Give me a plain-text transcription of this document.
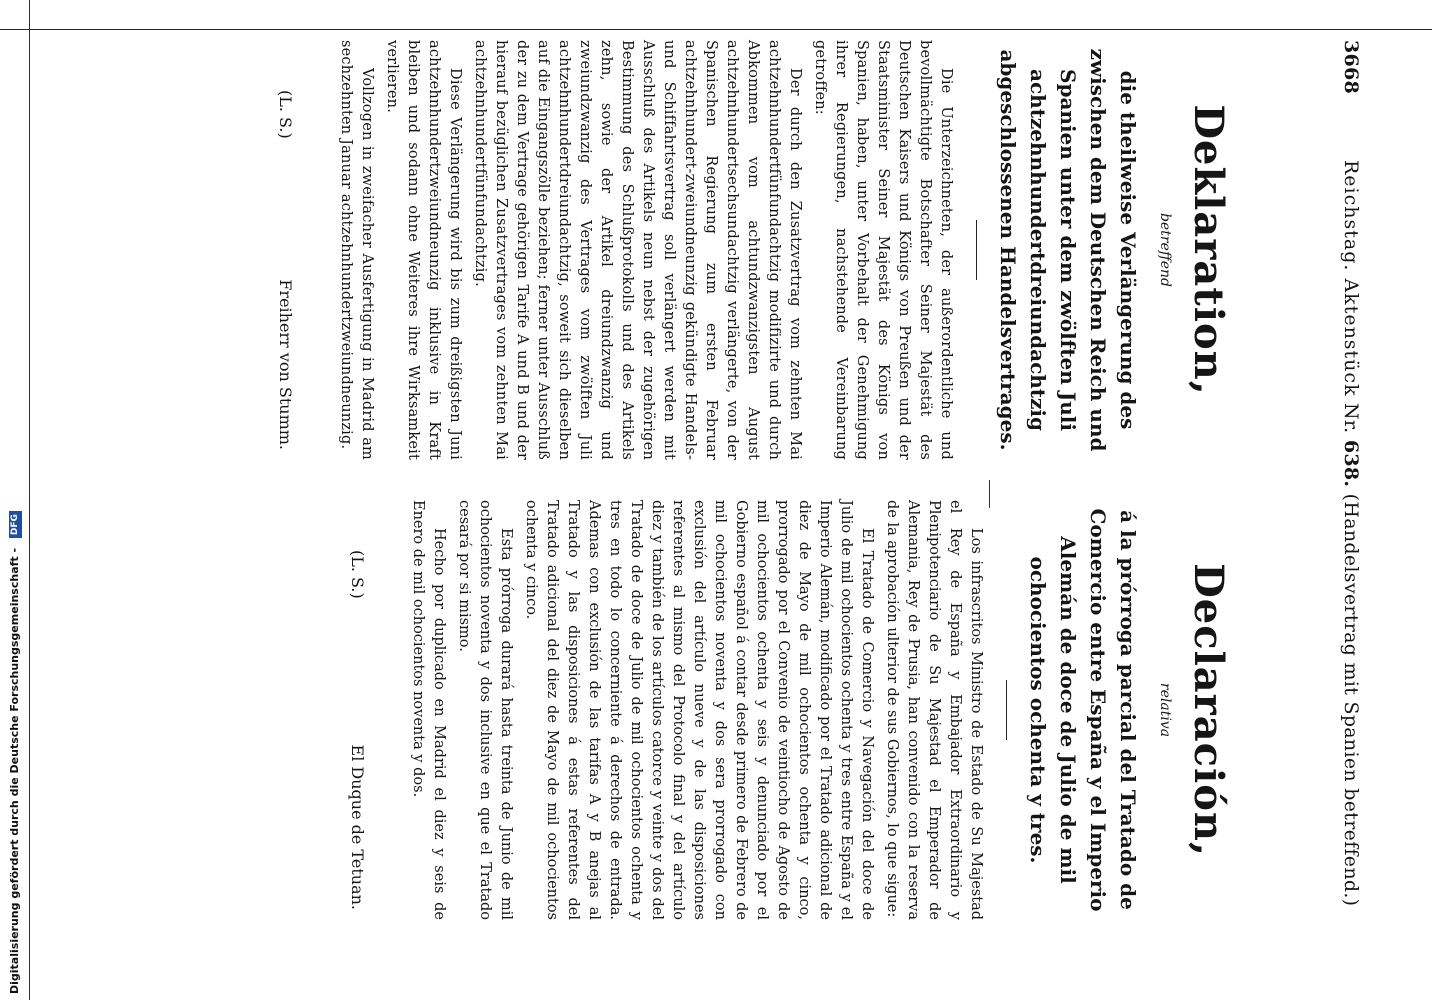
3668
Reichstag. Aktenstück Nr. 638. (Handelsvertrag mit Spanien betreffend.)
Deklaration,
betreffend
die theilweise Verlängerung des zwischen dem Deutschen Reich und Spanien unter dem zwölften Juli achtzehnhundertdreiundachtzig abgeschlossenen Handelsvertrages.

Die Unterzeichneten, der außerordentliche und bevollmächtigte Botschafter Seiner Majestät des Deutschen Kaisers und Königs von Preußen und der Staatsminister Seiner Majestät des Königs von Spanien, haben, unter Vorbehalt der Genehmigung ihrer Regierungen, nachstehende Vereinbarung getroffen:

Der durch den Zusatzvertrag vom zehnten Mai achtzehnhundertfünfundachtzig modifizirte und durch Abkommen vom achtundzwanzigsten August achtzehnhundertsechsundachtzig verlängerte, von der Spanischen Regierung zum ersten Februar achtzehnhundert-zweiundneunzig gekündigte Handels- und Schiffahrtsvertrag soll verlängert werden mit Ausschluß des Artikels neun nebst der zugehörigen Bestimmung des Schlußprotokolls und des Artikels zehn, sowie der Artikel dreiundzwanzig und zweiundzwanzig des Vertrages vom zwölften Juli achtzehnhundertdreiundachtzig, soweit sich dieselben auf die Eingangszölle beziehen; ferner unter Ausschluß der zu dem Vertrage gehörigen Tarife A und B und der hierauf bezüglichen Zusatzvertrages vom zehnten Mai achtzehnhundertfünfundachtzig.

Diese Verlängerung wird bis zum dreißigsten Juni achtzehnhundertzweiundneunzig inklusive in Kraft bleiben und sodann ohne Weiteres ihre Wirksamkeit verlieren.

Vollzogen in zweifacher Ausfertigung in Madrid am sechzehnten Januar achtzehnhundertzweiundneunzig.

(L. S.)
Freiherr von Stumm.
Declaración,
relativa
á la prórroga parcial del Tratado de Comercio entre España y el Imperio Alemán de doce de Julio de mil ochocientos ochenta y tres.

Los infrascritos Ministro de Estado de Su Majestad el Rey de España y Embajador Extraordinario y Plenipotenciario de Su Majestad el Emperador de Alemania, Rey de Prusia, han convenido con la reserva de la aprobación ulterior de sus Gobiernos, lo que sigue:

El Tratado de Comercio y Navegación del doce de Julio de mil ochocientos ochenta y tres entre España y el Imperio Alemán, modificado por el Tratado adicional de diez de Mayo de mil ochocientos ochenta y cinco, prorrogado por el Convenio de veintiocho de Agosto de mil ochocientos ochenta y seis y denunciado por el Gobierno español á contar desde primero de Febrero de mil ochocientos noventa y dos sera prorrogado con exclusión del artículo nueve y de las disposiciones referentes al mismo del Protocolo final y del artículo diez y también de los artículos catorce y veinte y dos del Tratado de doce de Julio de mil ochocientos ochenta y tres en todo lo concerniente á derechos de entrada. Ademas con exclusión de las tarifas A y B anejas al Tratado y las disposiciones á estas referentes del Tratado adicional del diez de Mayo de mil ochocientos ochenta y cinco.

Esta prórroga durará hasta treinta de Junio de mil ochocientos noventa y dos inclusive en que el Tratado cesará por si mismo.

Hecho por duplicado en Madrid el diez y seis de Enero de mil ochocientos noventa y dos.

(L. S.)
El Duque de Tetuan.
Digitalisierung gefördert durch die Deutsche Forschungsgemeinschaft - DFG
